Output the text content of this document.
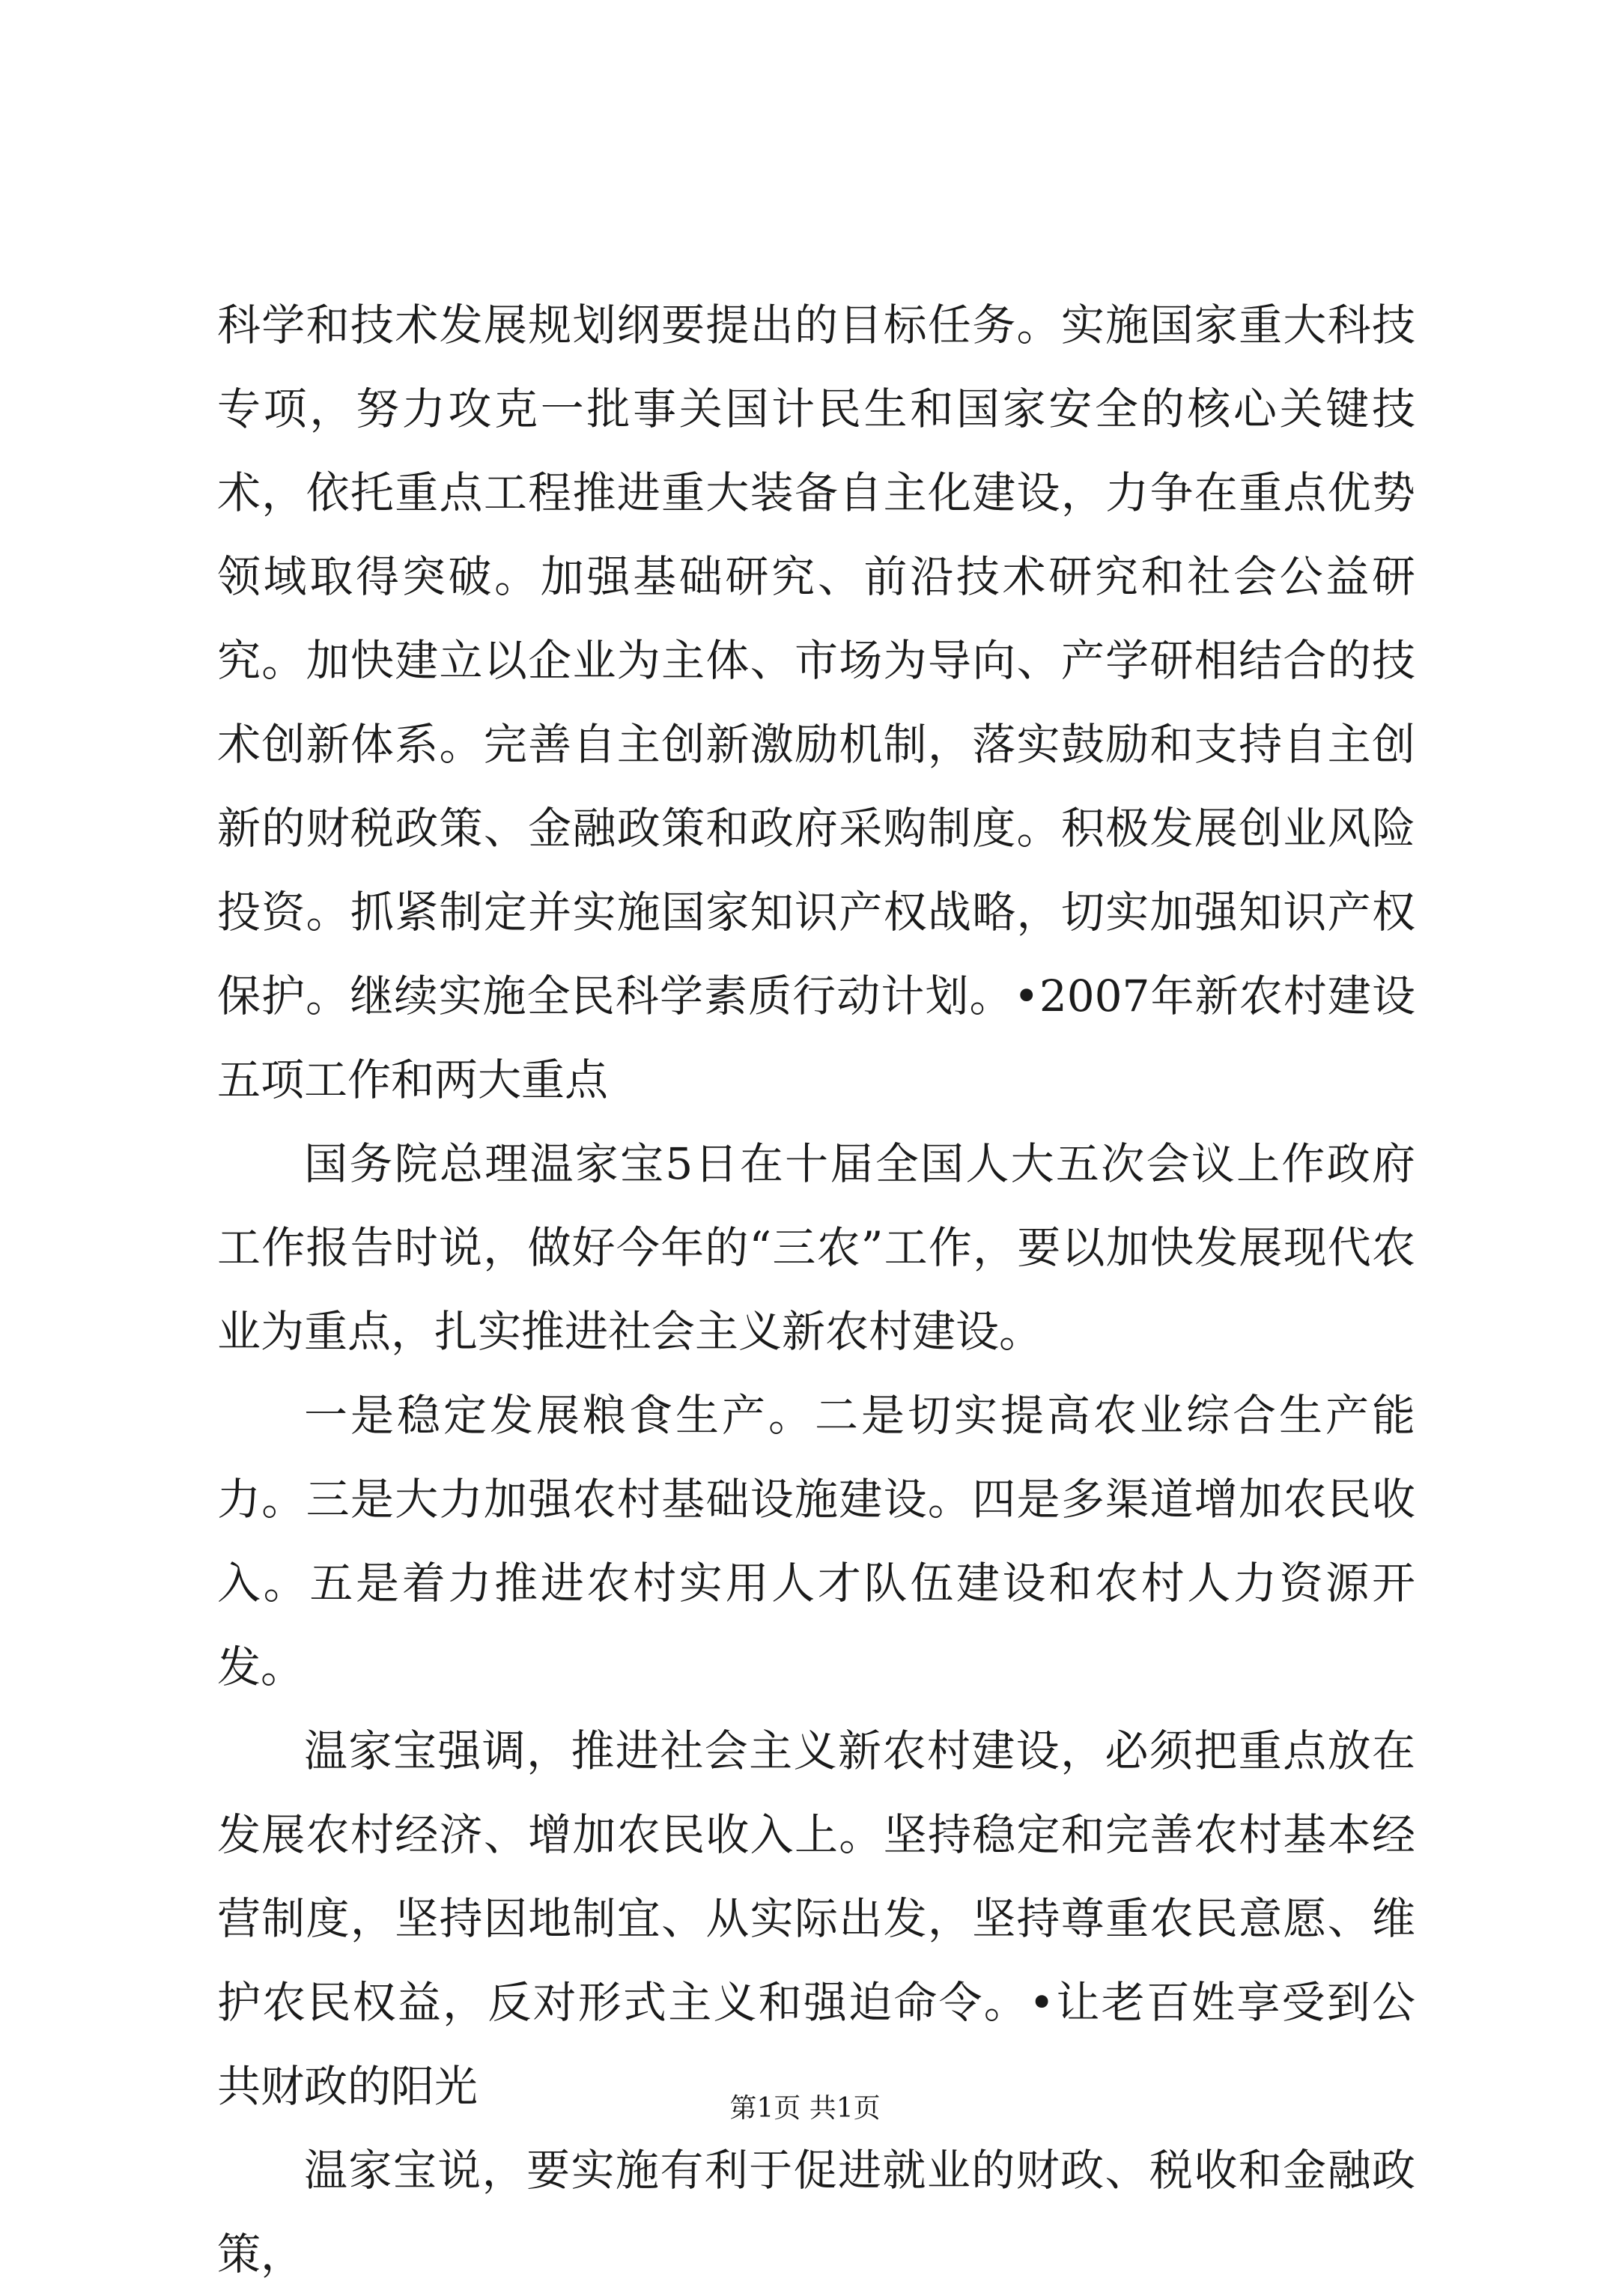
科学和技术发展规划纲要提出的目标任务。实施国家重大科技专项，努力攻克一批事关国计民生和国家安全的核心关键技术，依托重点工程推进重大装备自主化建设，力争在重点优势领域取得突破。加强基础研究、前沿技术研究和社会公益研究。加快建立以企业为主体、市场为导向、产学研相结合的技术创新体系。完善自主创新激励机制，落实鼓励和支持自主创新的财税政策、金融政策和政府采购制度。积极发展创业风险投资。抓紧制定并实施国家知识产权战略，切实加强知识产权保护。继续实施全民科学素质行动计划。•2007年新农村建设五项工作和两大重点

国务院总理温家宝5日在十届全国人大五次会议上作政府工作报告时说，做好今年的“三农”工作，要以加快发展现代农业为重点，扎实推进社会主义新农村建设。

一是稳定发展粮食生产。二是切实提高农业综合生产能力。三是大力加强农村基础设施建设。四是多渠道增加农民收入。五是着力推进农村实用人才队伍建设和农村人力资源开发。

温家宝强调，推进社会主义新农村建设，必须把重点放在发展农村经济、增加农民收入上。坚持稳定和完善农村基本经营制度，坚持因地制宜、从实际出发，坚持尊重农民意愿、维护农民权益，反对形式主义和强迫命令。•让老百姓享受到公共财政的阳光

温家宝说，要实施有利于促进就业的财政、税收和金融政策，

第1页 共1页
